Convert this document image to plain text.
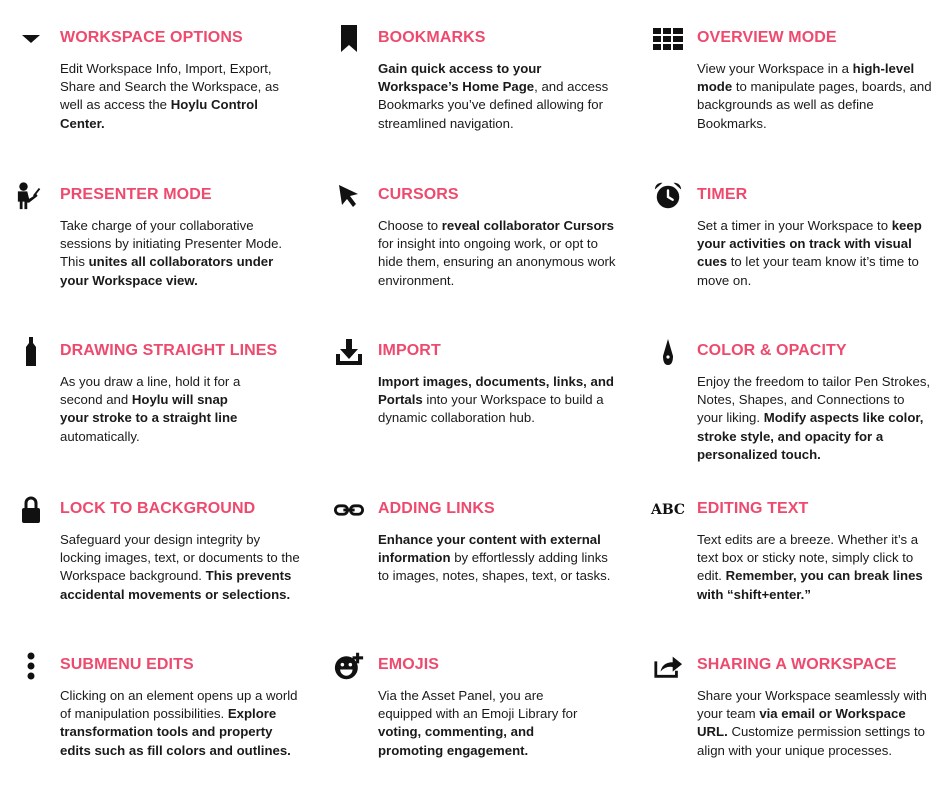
WORKSPACE OPTIONS

Edit Workspace Info, Import, Export, Share and Search the Workspace, as well as access the Hoylu Control Center.

BOOKMARKS

Gain quick access to your Workspace’s Home Page, and access Bookmarks you’ve defined allowing for streamlined navigation.

OVERVIEW MODE

View your Workspace in a high-level mode to manipulate pages, boards, and backgrounds as well as define Bookmarks.

PRESENTER MODE

Take charge of your collaborative sessions by initiating Presenter Mode. This unites all collaborators under your Workspace view.

CURSORS

Choose to reveal collaborator Cursors for insight into ongoing work, or opt to hide them, ensuring an anonymous work environment.

TIMER

Set a timer in your Workspace to keep your activities on track with visual cues to let your team know it’s time to move on.

DRAWING STRAIGHT LINES

As you draw a line, hold it for a second and Hoylu will snap your stroke to a straight line automatically.

IMPORT

Import images, documents, links, and Portals into your Workspace to build a dynamic collaboration hub.

COLOR & OPACITY

Enjoy the freedom to tailor Pen Strokes, Notes, Shapes, and Connections to your liking. Modify aspects like color, stroke style, and opacity for a personalized touch.

LOCK TO BACKGROUND

Safeguard your design integrity by locking images, text, or documents to the Workspace background. This prevents accidental movements or selections.

ADDING LINKS

Enhance your content with external information by effortlessly adding links to images, notes, shapes, text, or tasks.

ABC EDITING TEXT

Text edits are a breeze. Whether it’s a text box or sticky note, simply click to edit. Remember, you can break lines with “shift+enter.”

SUBMENU EDITS

Clicking on an element opens up a world of manipulation possibilities. Explore transformation tools and property edits such as fill colors and outlines.

EMOJIS

Via the Asset Panel, you are equipped with an Emoji Library for voting, commenting, and promoting engagement.

SHARING A WORKSPACE

Share your Workspace seamlessly with your team via email or Workspace URL. Customize permission settings to align with your unique processes.
